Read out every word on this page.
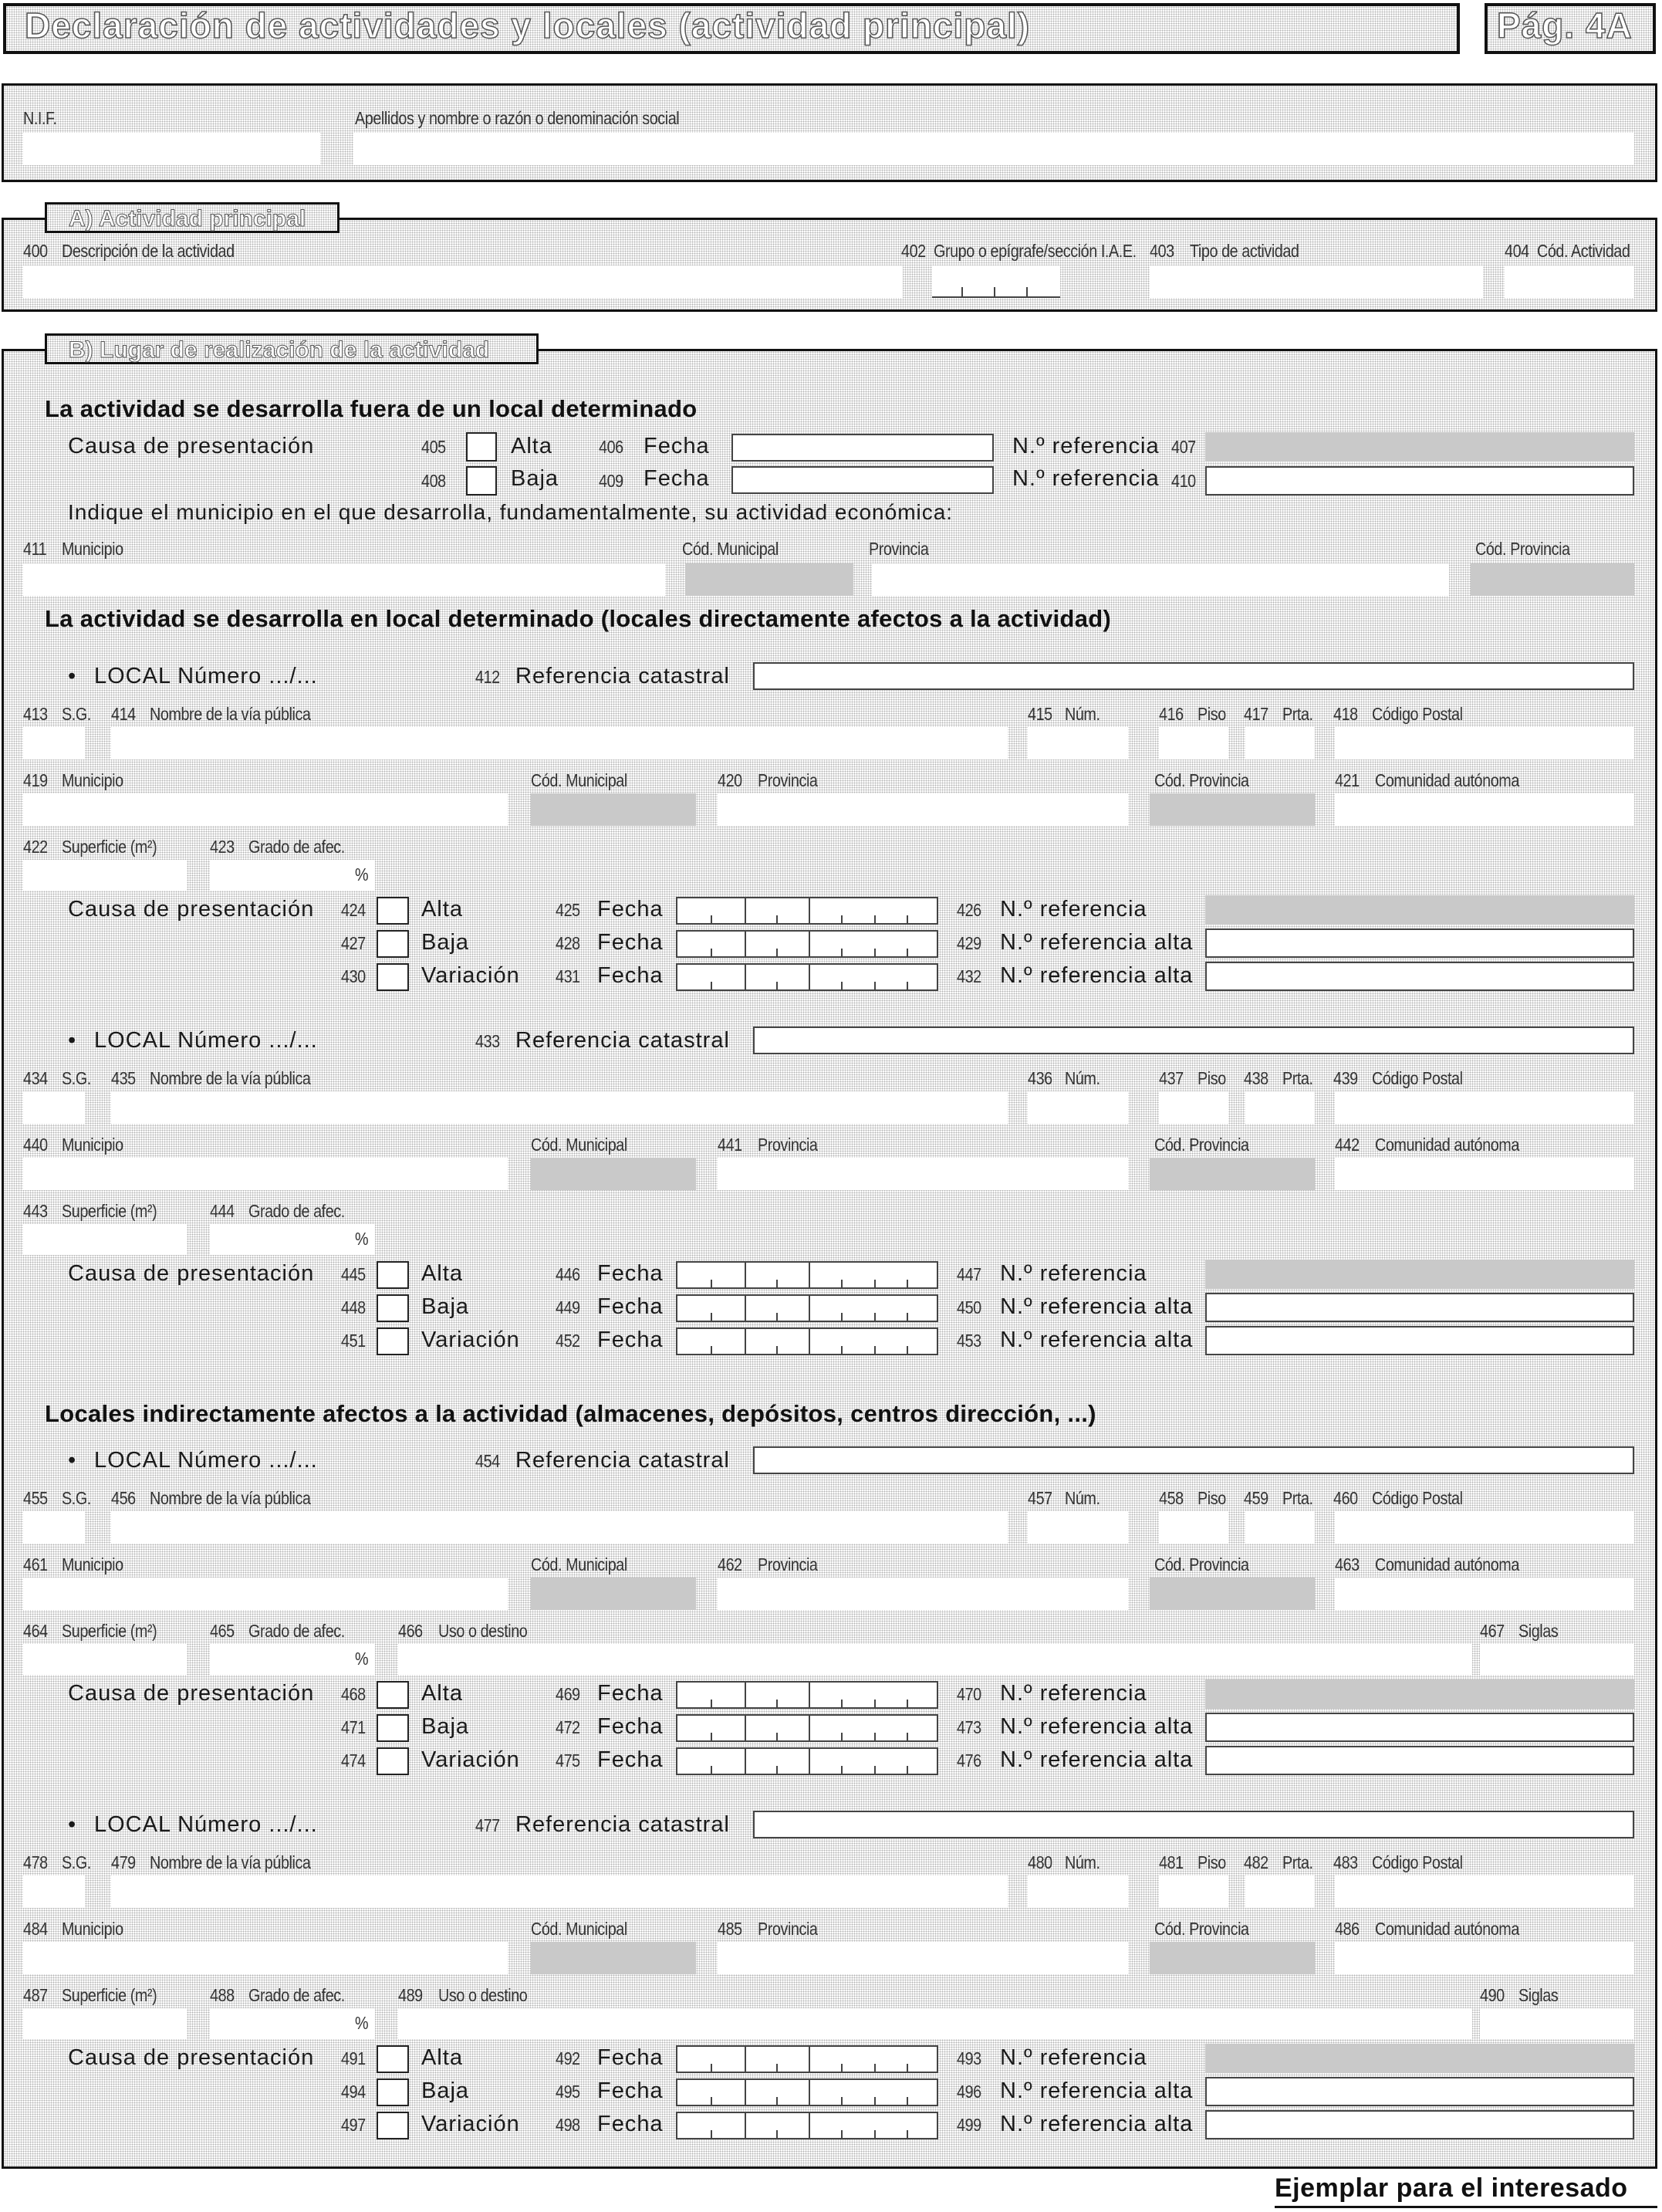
Declaración de actividades y locales (actividad principal)	Pág. 4A
N.I.F.	Apellidos y nombre o razón o denominación social
A) Actividad principal
400 Descripción de la actividad	402 Grupo o epígrafe/sección I.A.E. 403 Tipo de actividad	404 Cód. Actividad
B) Lugar de realización de la actividad
La actividad se desarrolla fuera de un local determinado
Causa de presentación	405	Alta	406 Fecha	N.º referencia 407
408	Baja 409 Fecha	N.º referencia 410
Indique el municipio en el que desarrolla, fundamentalmente, su actividad económica:
411 Municipio	Cód. Municipal	Provincia	Cód. Provincia
La actividad se desarrolla en local determinado (locales directamente afectos a la actividad)
• LOCAL Número .../...	412 Referencia catastral
413 S.G. 414 Nombre de la vía pública	415 Núm.	416 Piso 417 Prta. 418 Código Postal
419 Municipio	Cód. Municipal	420 Provincia	Cód. Provincia	421 Comunidad autónoma
422 Superficie (m²)	423 Grado de afec.
%
Causa de presentación 424 Alta	425 Fecha	426 N.º referencia
427 Baja	428 Fecha	429 N.º referencia alta
430 Variación 431 Fecha	432 N.º referencia alta
• LOCAL Número .../...	433 Referencia catastral
434 S.G. 435 Nombre de la vía pública	436 Núm.	437 Piso 438 Prta. 439 Código Postal
440 Municipio	Cód. Municipal	441 Provincia	Cód. Provincia	442 Comunidad autónoma
443 Superficie (m²)	444 Grado de afec.
%
Causa de presentación 445 Alta	446 Fecha	447 N.º referencia
448 Baja	449 Fecha	450 N.º referencia alta
451 Variación 452 Fecha	453 N.º referencia alta
• LOCAL Número .../...	454 Referencia catastral
455 S.G. 456 Nombre de la vía pública	457 Núm.	458 Piso 459 Prta. 460 Código Postal
461 Municipio	Cód. Municipal	462 Provincia	Cód. Provincia	463 Comunidad autónoma
464 Superficie (m²)	465 Grado de afec.	466 Uso o destino	467 Siglas
%
Causa de presentación 468 Alta	469 Fecha	470 N.º referencia
471 Baja	472 Fecha	473 N.º referencia alta
474 Variación 475 Fecha	476 N.º referencia alta
• LOCAL Número .../...	477 Referencia catastral
478 S.G. 479 Nombre de la vía pública	480 Núm.	481 Piso 482 Prta. 483 Código Postal
484 Municipio	Cód. Municipal	485 Provincia	Cód. Provincia	486 Comunidad autónoma
487 Superficie (m²)	488 Grado de afec.	489 Uso o destino	490 Siglas
%
Causa de presentación 491 Alta	492 Fecha	493 N.º referencia
494 Baja	495 Fecha	496 N.º referencia alta
497 Variación 498 Fecha	499 N.º referencia alta
Locales indirectamente afectos a la actividad (almacenes, depósitos, centros dirección, ...)
Ejemplar para el interesado
